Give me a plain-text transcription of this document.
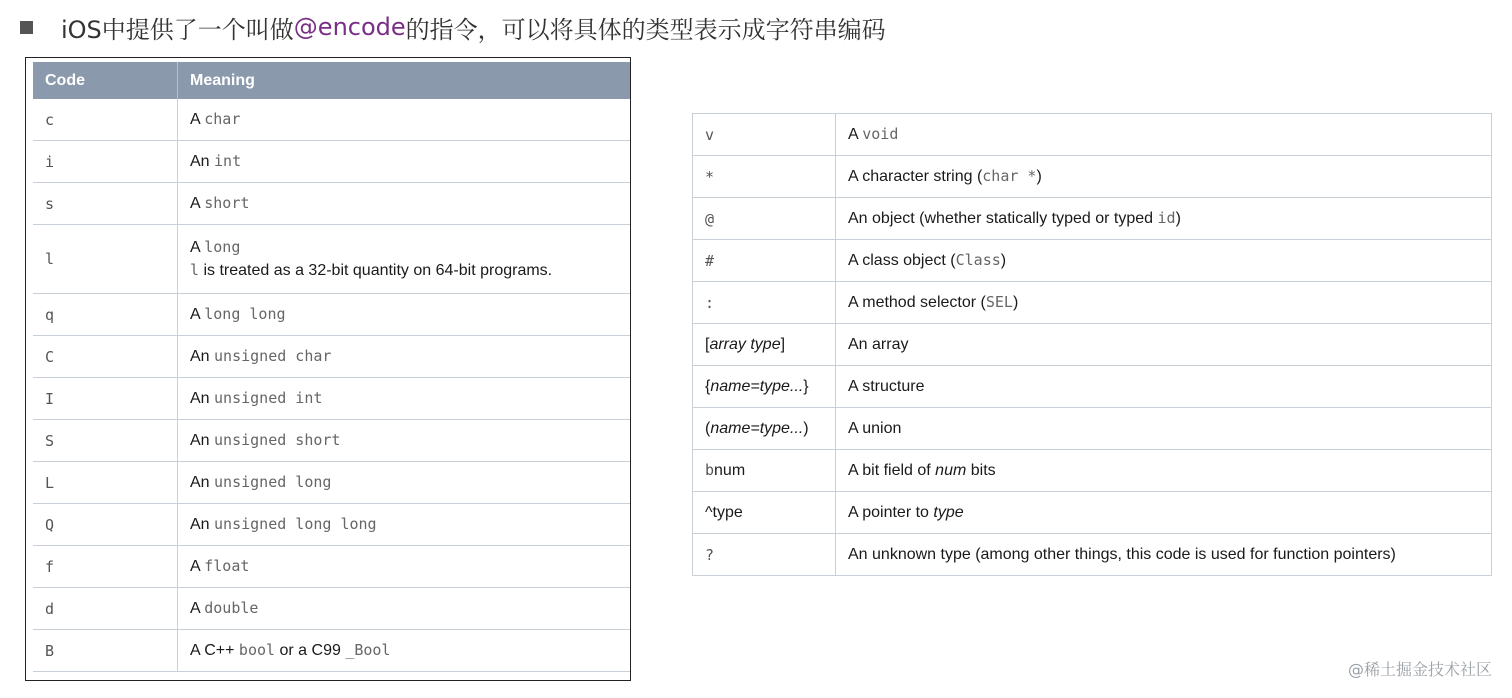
iOS中提供了一个叫做 @encode 的指令，可以将具体的类型表示成字符串编码
Code	Meaning
c	A char
i	An int
s	A short
l	A long
l is treated as a 32-bit quantity on 64-bit programs.

q	A long long
C	An unsigned char
I	An unsigned int
S	An unsigned short
L	An unsigned long
Q	An unsigned long long
f	A float
d	A double
B	A C++ bool or a C99 _Bool
v	A void
*	A character string (char *)
@	An object (whether statically typed or typed id)
#	A class object (Class)
:	A method selector (SEL)
[array type]	An array
{name=type...}	A structure
(name=type...)	A union
bnum	A bit field of num bits
^type	A pointer to type
?	An unknown type (among other things, this code is used for function pointers)
@稀土掘金技术社区
